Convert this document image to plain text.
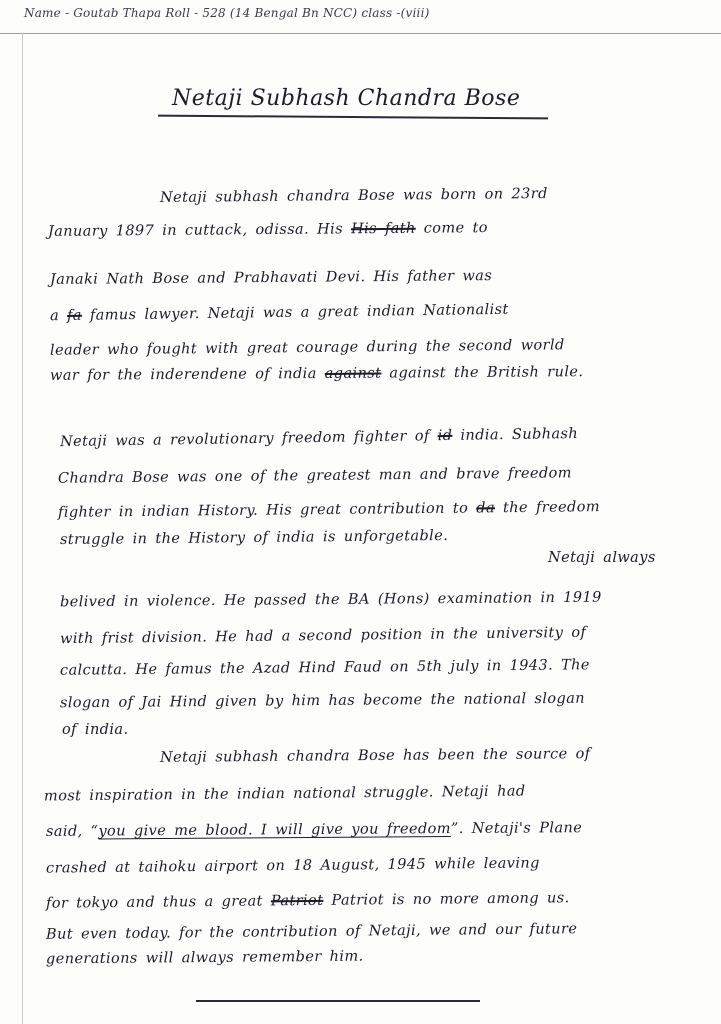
Name - Goutab Thapa Roll - 528 (14 Bengal Bn NCC) class -(viii)
Netaji Subhash Chandra Bose
Netaji subhash chandra Bose was born on 23rd
January 1897 in cuttack, odissa. His His fath come to
Janaki Nath Bose and Prabhavati Devi. His father was
a fa famus lawyer. Netaji was a great indian Nationalist
leader who fought with great courage during the second world
war for the inderendene of india against against the British rule.
Netaji was a revolutionary freedom fighter of id india. Subhash
Chandra Bose was one of the greatest man and brave freedom
fighter in indian History. His great contribution to da the freedom
struggle in the History of india is unforgetable.
Netaji always
belived in violence. He passed the BA (Hons) examination in 1919
with frist division. He had a second position in the university of
calcutta. He famus the Azad Hind Faud on 5th july in 1943. The
slogan of Jai Hind given by him has become the national slogan
of india.
Netaji subhash chandra Bose has been the source of
most inspiration in the indian national struggle. Netaji had
said, “you give me blood. I will give you freedom”. Netaji's Plane
crashed at taihoku airport on 18 August, 1945 while leaving
for tokyo and thus a great Patriot Patriot is no more among us.
But even today. for the contribution of Netaji, we and our future
generations will always remember him.
